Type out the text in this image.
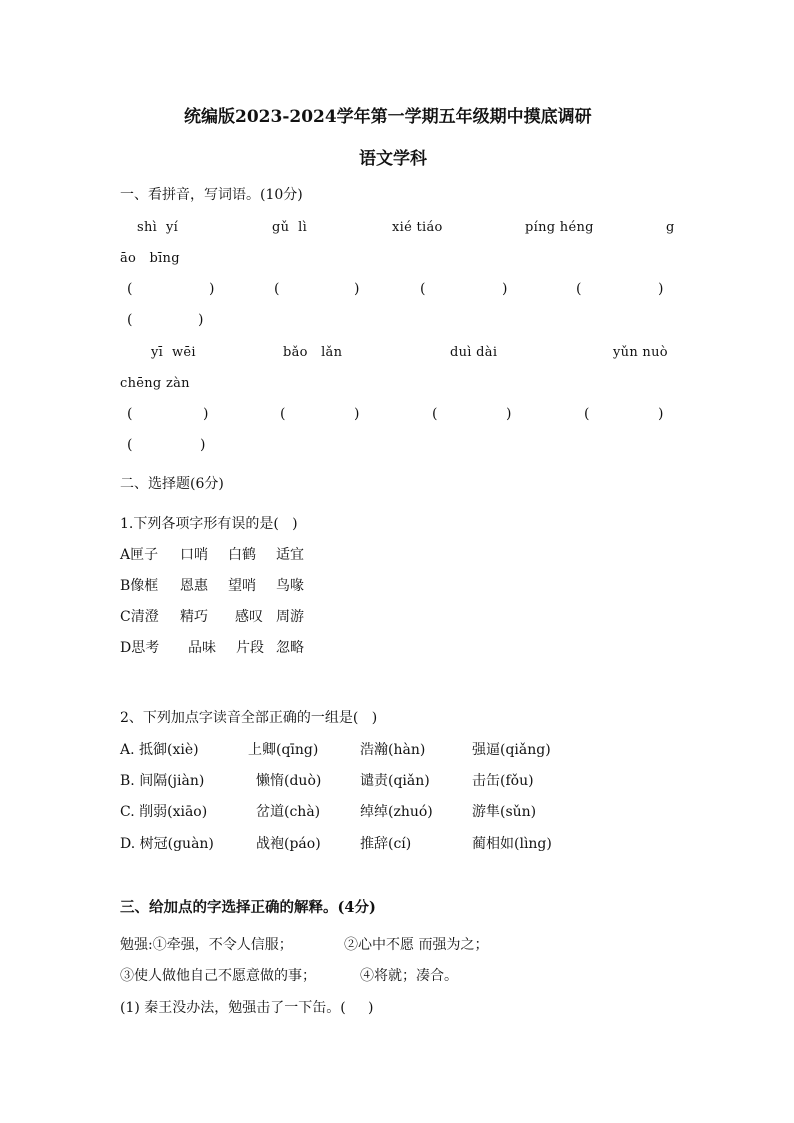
统编版2023-2024学年第一学期五年级期中摸底调研
语文学科
一、看拼音，写词语。(10分)
shì  yí	gǔ  lì	xié tiáo	píng héng	g
āo   bīng
(	)	(	)	(	)	(	)
(	)
yī  wēi	bǎo   lǎn	duì dài	yǔn nuò
chēng zàn
(	)	(	)	(	)	(	)
(	)
二、选择题(6分)
1.下列各项字形有误的是(   )
A匣子 口哨 白鹤 适宜
B像框 恩惠 望哨 鸟喙
C清澄 精巧 感叹 周游
D思考 品味 片段 忽略
2、下列加点字读音全部正确的一组是(   )
A. 抵御(xiè)	上卿(qīng)	浩瀚(hàn)	强逼(qiǎng)
B. 间隔(jiàn)	懒惰(duò)	谴责(qiǎn)	击缶(fǒu)
C. 削弱(xiāo)	岔道(chà)	绰绰(zhuó)	游隼(sǔn)
D. 树冠(guàn)	战袍(páo)	推辞(cí)	蔺相如(lìng)
三、给加点的字选择正确的解释。(4分)
勉强:①牵强，不令人信服；	②心中不愿 而强为之；
③使人做他自己不愿意做的事；	④将就；凑合。
(1) 秦王没办法，勉强击了一下缶。(     )
